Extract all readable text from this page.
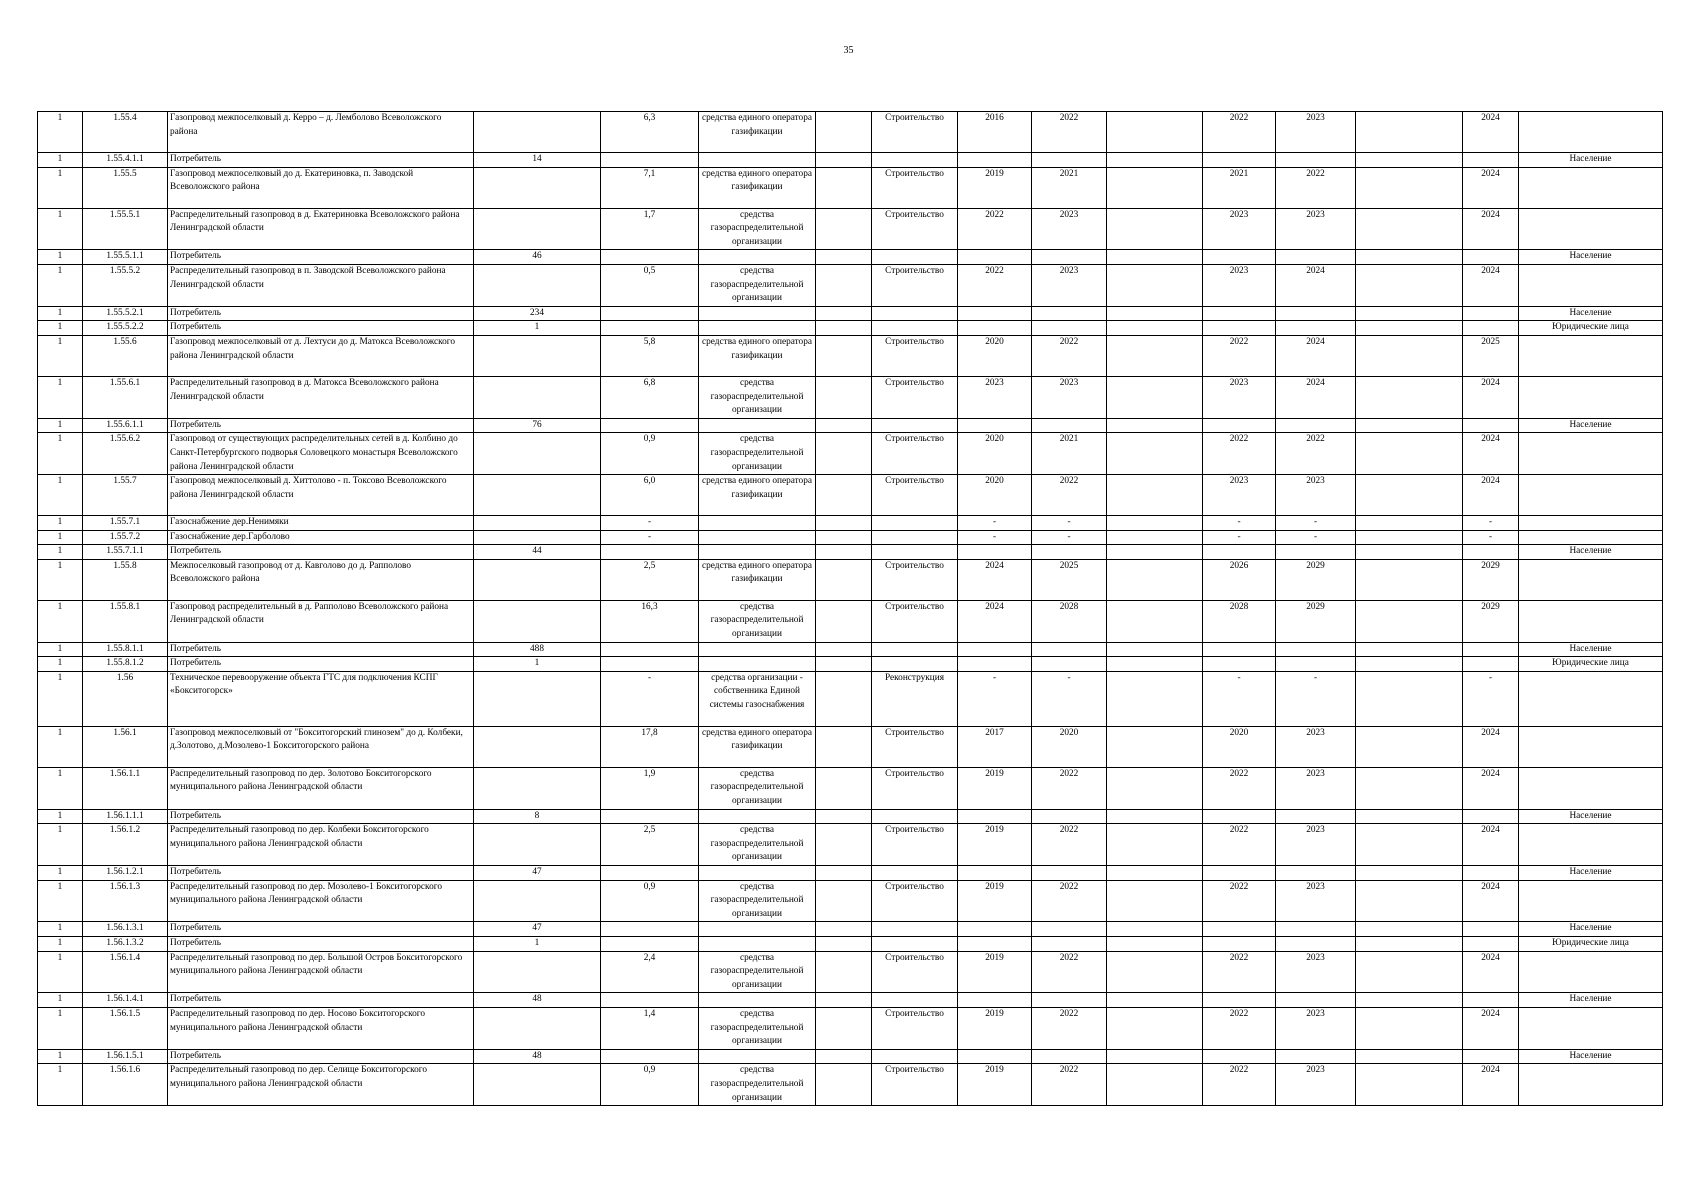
35
1	1.55.4	Газопровод межпоселковый д. Керро – д. Лемболово Всеволожского района		6,3	средства единого оператора газификации		Строительство	2016	2022		2022	2023		2024	
1	1.55.4.1.1	Потребитель	14												Население
1	1.55.5	Газопровод межпоселковый до д. Екатериновка, п. Заводской Всеволожского района		7,1	средства единого оператора газификации		Строительство	2019	2021		2021	2022		2024	
1	1.55.5.1	Распределительный газопровод в д. Екатериновка Всеволожского района Ленинградской области		1,7	средства газораспределительной организации		Строительство	2022	2023		2023	2023		2024	
1	1.55.5.1.1	Потребитель	46												Население
1	1.55.5.2	Распределительный газопровод в п. Заводской Всеволожского района Ленинградской области		0,5	средства газораспределительной организации		Строительство	2022	2023		2023	2024		2024	
1	1.55.5.2.1	Потребитель	234												Население
1	1.55.5.2.2	Потребитель	1												Юридические лица
1	1.55.6	Газопровод межпоселковый от д. Лехтуси до д. Матокса Всеволожского района Ленинградской области		5,8	средства единого оператора газификации		Строительство	2020	2022		2022	2024		2025	
1	1.55.6.1	Распределительный газопровод в д. Матокса Всеволожского района Ленинградской области		6,8	средства газораспределительной организации		Строительство	2023	2023		2023	2024		2024	
1	1.55.6.1.1	Потребитель	76												Население
1	1.55.6.2	Газопровод от существующих распределительных сетей в д. Колбино до Санкт-Петербургского подворья Соловецкого монастыря Всеволожского района Ленинградской области		0,9	средства газораспределительной организации		Строительство	2020	2021		2022	2022		2024	
1	1.55.7	Газопровод межпоселковый д. Хиттолово - п. Токсово Всеволожского района Ленинградской области		6,0	средства единого оператора газификации		Строительство	2020	2022		2023	2023		2024	
1	1.55.7.1	Газоснабжение дер.Ненимяки		-				-	-		-	-		-	
1	1.55.7.2	Газоснабжение дер.Гарболово		-				-	-		-	-		-	
1	1.55.7.1.1	Потребитель	44												Население
1	1.55.8	Межпоселковый газопровод от д. Кавголово до д. Рапполово Всеволожского района		2,5	средства единого оператора газификации		Строительство	2024	2025		2026	2029		2029	
1	1.55.8.1	Газопровод распределительный в д. Рапполово Всеволожского района Ленинградской области		16,3	средства газораспределительной организации		Строительство	2024	2028		2028	2029		2029	
1	1.55.8.1.1	Потребитель	488												Население
1	1.55.8.1.2	Потребитель	1												Юридические лица
1	1.56	Техническое перевооружение объекта ГТС для подключения КСПГ «Бокситогорск»		-	средства организации - собственника Единой системы газоснабжения		Реконструкция	-	-		-	-		-	
1	1.56.1	Газопровод межпоселковый от "Бокситогорский глинозем" до д. Колбеки, д.Золотово, д.Мозолево-1 Бокситогорского района		17,8	средства единого оператора газификации		Строительство	2017	2020		2020	2023		2024	
1	1.56.1.1	Распределительный газопровод по дер. Золотово Бокситогорского муниципального района Ленинградской области		1,9	средства газораспределительной организации		Строительство	2019	2022		2022	2023		2024	
1	1.56.1.1.1	Потребитель	8												Население
1	1.56.1.2	Распределительный газопровод по дер. Колбеки Бокситогорского муниципального района Ленинградской области		2,5	средства газораспределительной организации		Строительство	2019	2022		2022	2023		2024	
1	1.56.1.2.1	Потребитель	47												Население
1	1.56.1.3	Распределительный газопровод по дер. Мозолево-1 Бокситогорского муниципального района Ленинградской области		0,9	средства газораспределительной организации		Строительство	2019	2022		2022	2023		2024	
1	1.56.1.3.1	Потребитель	47												Население
1	1.56.1.3.2	Потребитель	1												Юридические лица
1	1.56.1.4	Распределительный газопровод по дер. Большой Остров Бокситогорского муниципального района Ленинградской области		2,4	средства газораспределительной организации		Строительство	2019	2022		2022	2023		2024	
1	1.56.1.4.1	Потребитель	48												Население
1	1.56.1.5	Распределительный газопровод по дер. Носово Бокситогорского муниципального района Ленинградской области		1,4	средства газораспределительной организации		Строительство	2019	2022		2022	2023		2024	
1	1.56.1.5.1	Потребитель	48												Население
1	1.56.1.6	Распределительный газопровод по дер. Селище Бокситогорского муниципального района Ленинградской области		0,9	средства газораспределительной организации		Строительство	2019	2022		2022	2023		2024	
